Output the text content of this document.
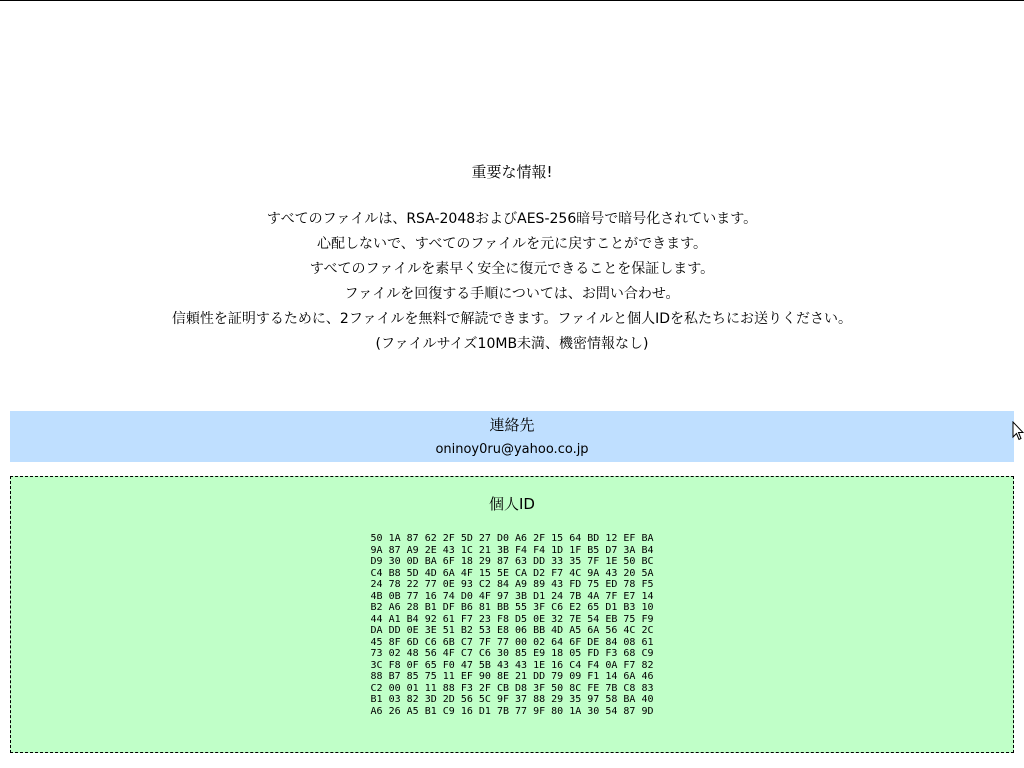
重要な情報!
すべてのファイルは、RSA-2048およびAES-256暗号で暗号化されています。
心配しないで、すべてのファイルを元に戻すことができます。
すべてのファイルを素早く安全に復元できることを保証します。
ファイルを回復する手順については、お問い合わせ。
信頼性を証明するために、2ファイルを無料で解読できます。ファイルと個人IDを私たちにお送りください。
(ファイルサイズ10MB未満、機密情報なし)
連絡先
oninoy0ru@yahoo.co.jp
個人ID
50 1A 87 62 2F 5D 27 D0 A6 2F 15 64 BD 12 EF BA
9A 87 A9 2E 43 1C 21 3B F4 F4 1D 1F B5 D7 3A B4
D9 30 0D BA 6F 18 29 87 63 DD 33 35 7F 1E 50 BC
C4 B8 5D 4D 6A 4F 15 5E CA D2 F7 4C 9A 43 20 5A
24 78 22 77 0E 93 C2 84 A9 89 43 FD 75 ED 78 F5
4B 0B 77 16 74 D0 4F 97 3B D1 24 7B 4A 7F E7 14
B2 A6 28 B1 DF B6 81 BB 55 3F C6 E2 65 D1 B3 10
44 A1 B4 92 61 F7 23 F8 D5 0E 32 7E 54 EB 75 F9
DA DD 0E 3E 51 B2 53 E8 06 BB 4D A5 6A 56 4C 2C
45 8F 6D C6 6B C7 7F 77 00 02 64 6F DE 84 08 61
73 02 48 56 4F C7 C6 30 85 E9 18 05 FD F3 68 C9
3C F8 0F 65 F0 47 5B 43 43 1E 16 C4 F4 0A F7 82
88 B7 85 75 11 EF 90 8E 21 DD 79 09 F1 14 6A 46
C2 00 01 11 88 F3 2F CB D8 3F 50 8C FE 7B C8 83
B1 03 82 3D 2D 56 5C 9F 37 88 29 35 97 58 BA 40
A6 26 A5 B1 C9 16 D1 7B 77 9F 80 1A 30 54 87 9D
